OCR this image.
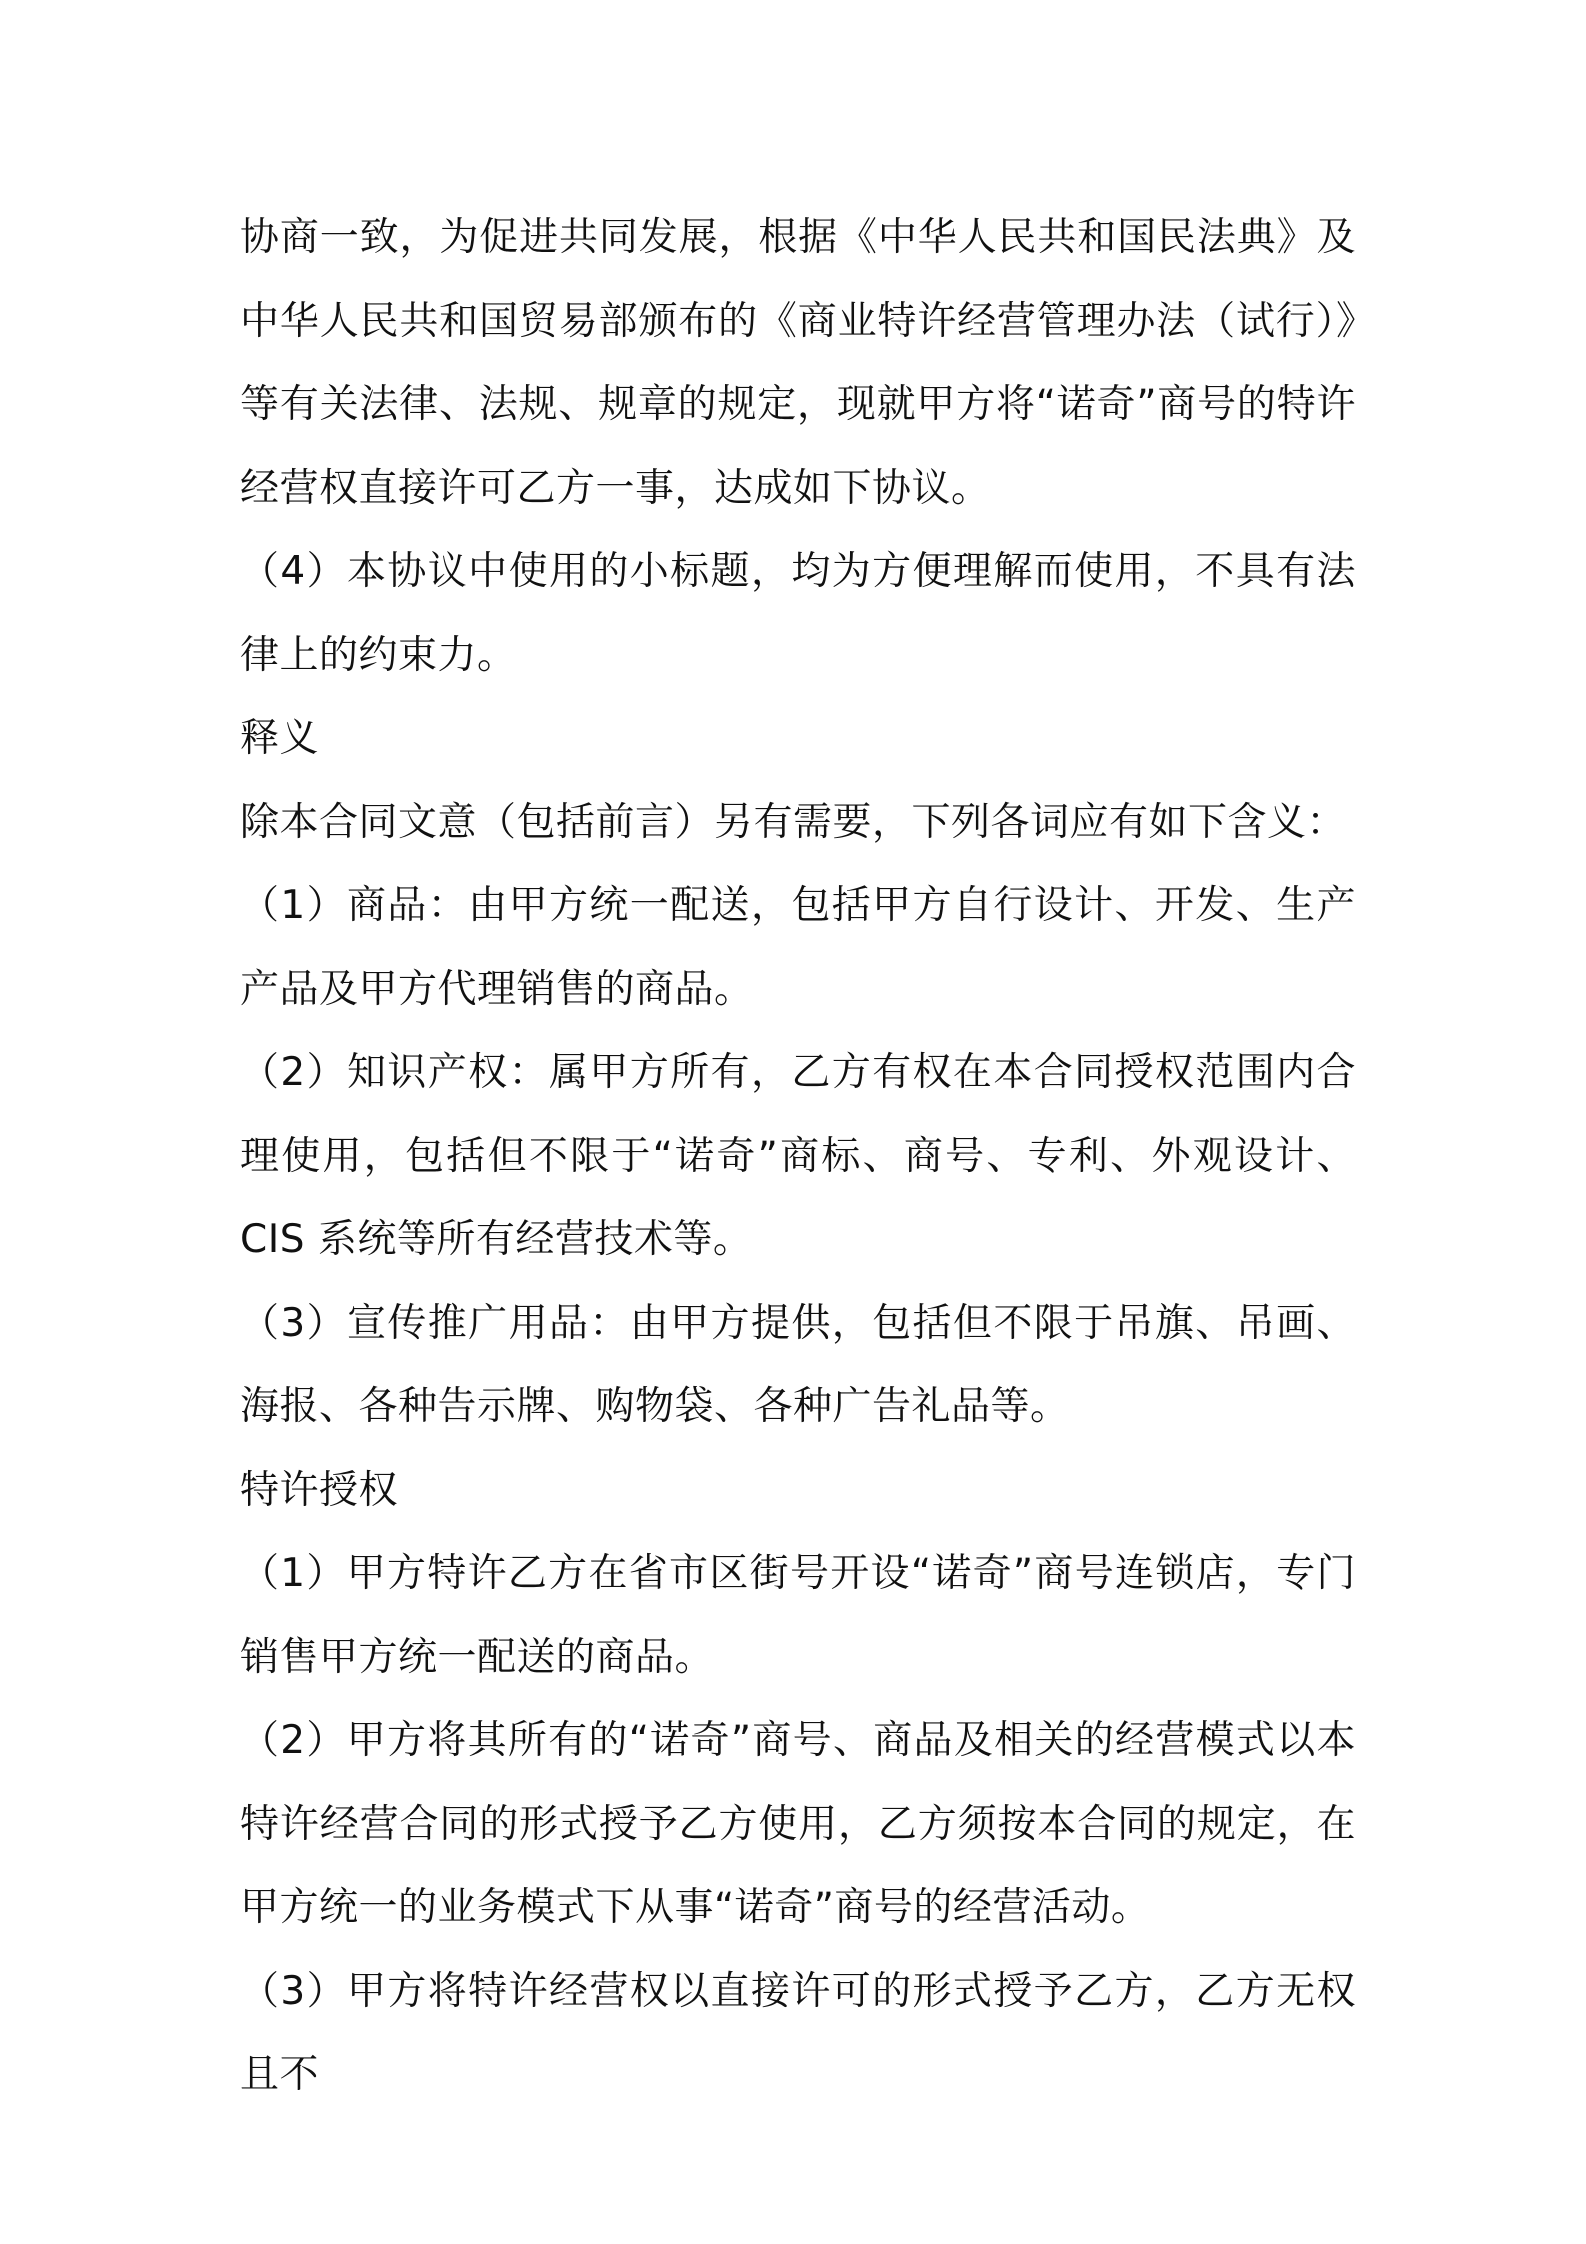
协商一致，为促进共同发展，根据《中华人民共和国民法典》及中华人民共和国贸易部颁布的《商业特许经营管理办法（试行）》等有关法律、法规、规章的规定，现就甲方将“诺奇”商号的特许经营权直接许可乙方一事，达成如下协议。

（4）本协议中使用的小标题，均为方便理解而使用，不具有法律上的约束力。

释义

除本合同文意（包括前言）另有需要，下列各词应有如下含义：

（1）商品：由甲方统一配送，包括甲方自行设计、开发、生产产品及甲方代理销售的商品。

（2）知识产权：属甲方所有，乙方有权在本合同授权范围内合理使用，包括但不限于“诺奇”商标、商号、专利、外观设计、CIS 系统等所有经营技术等。

（3）宣传推广用品：由甲方提供，包括但不限于吊旗、吊画、海报、各种告示牌、购物袋、各种广告礼品等。

特许授权

（1）甲方特许乙方在省市区街号开设“诺奇”商号连锁店，专门销售甲方统一配送的商品。

（2）甲方将其所有的“诺奇”商号、商品及相关的经营模式以本特许经营合同的形式授予乙方使用，乙方须按本合同的规定，在甲方统一的业务模式下从事“诺奇”商号的经营活动。

（3）甲方将特许经营权以直接许可的形式授予乙方，乙方无权且不
